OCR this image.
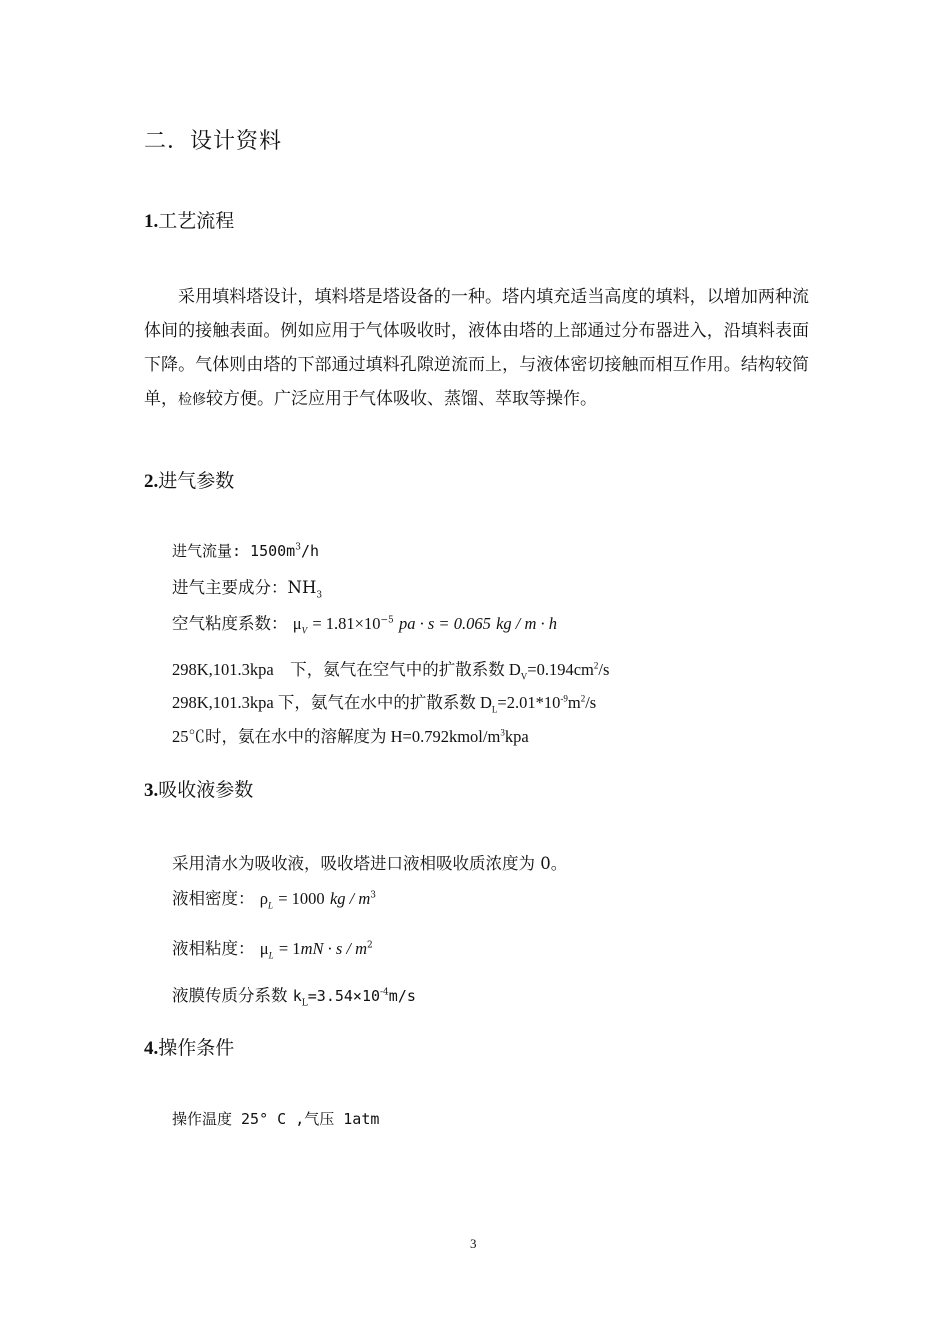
二．设计资料
1.工艺流程
采用填料塔设计，填料塔是塔设备的一种。塔内填充适当高度的填料，以增加两种流体间的接触表面。例如应用于气体吸收时，液体由塔的上部通过分布器进入，沿填料表面下降。气体则由塔的下部通过填料孔隙逆流而上，与液体密切接触而相互作用。结构较简单，检修较方便。广泛应用于气体吸收、蒸馏、萃取等操作。
2.进气参数
进气流量: $1500m^3/h$
进气主要成分：$NH_3$
空气粘度系数： $\mu_V = 1.81\times 10^{-5}$ pa · s = 0.065 kg / m · h
298K,101.3kpa　下，氨气在空气中的扩散系数 $D_V=0.194cm^2/s$
298K,101.3kpa 下，氨气在水中的扩散系数 $D_L=2.01*10^{-9}m^2/s$
25℃时，氨在水中的溶解度为 $H=0.792kmol/m^3kpa$
3.吸收液参数
采用清水为吸收液，吸收塔进口液相吸收质浓度为 0。
液相密度： $\rho_L = 1000$ kg / $m^3$
液相粘度： $\mu_L = 1mN \cdot s / m^2$
液膜传质分系数 $k_L=3.54\times 10^{-4}m/s$
4.操作条件
操作温度 25° C ,气压 1atm
3
